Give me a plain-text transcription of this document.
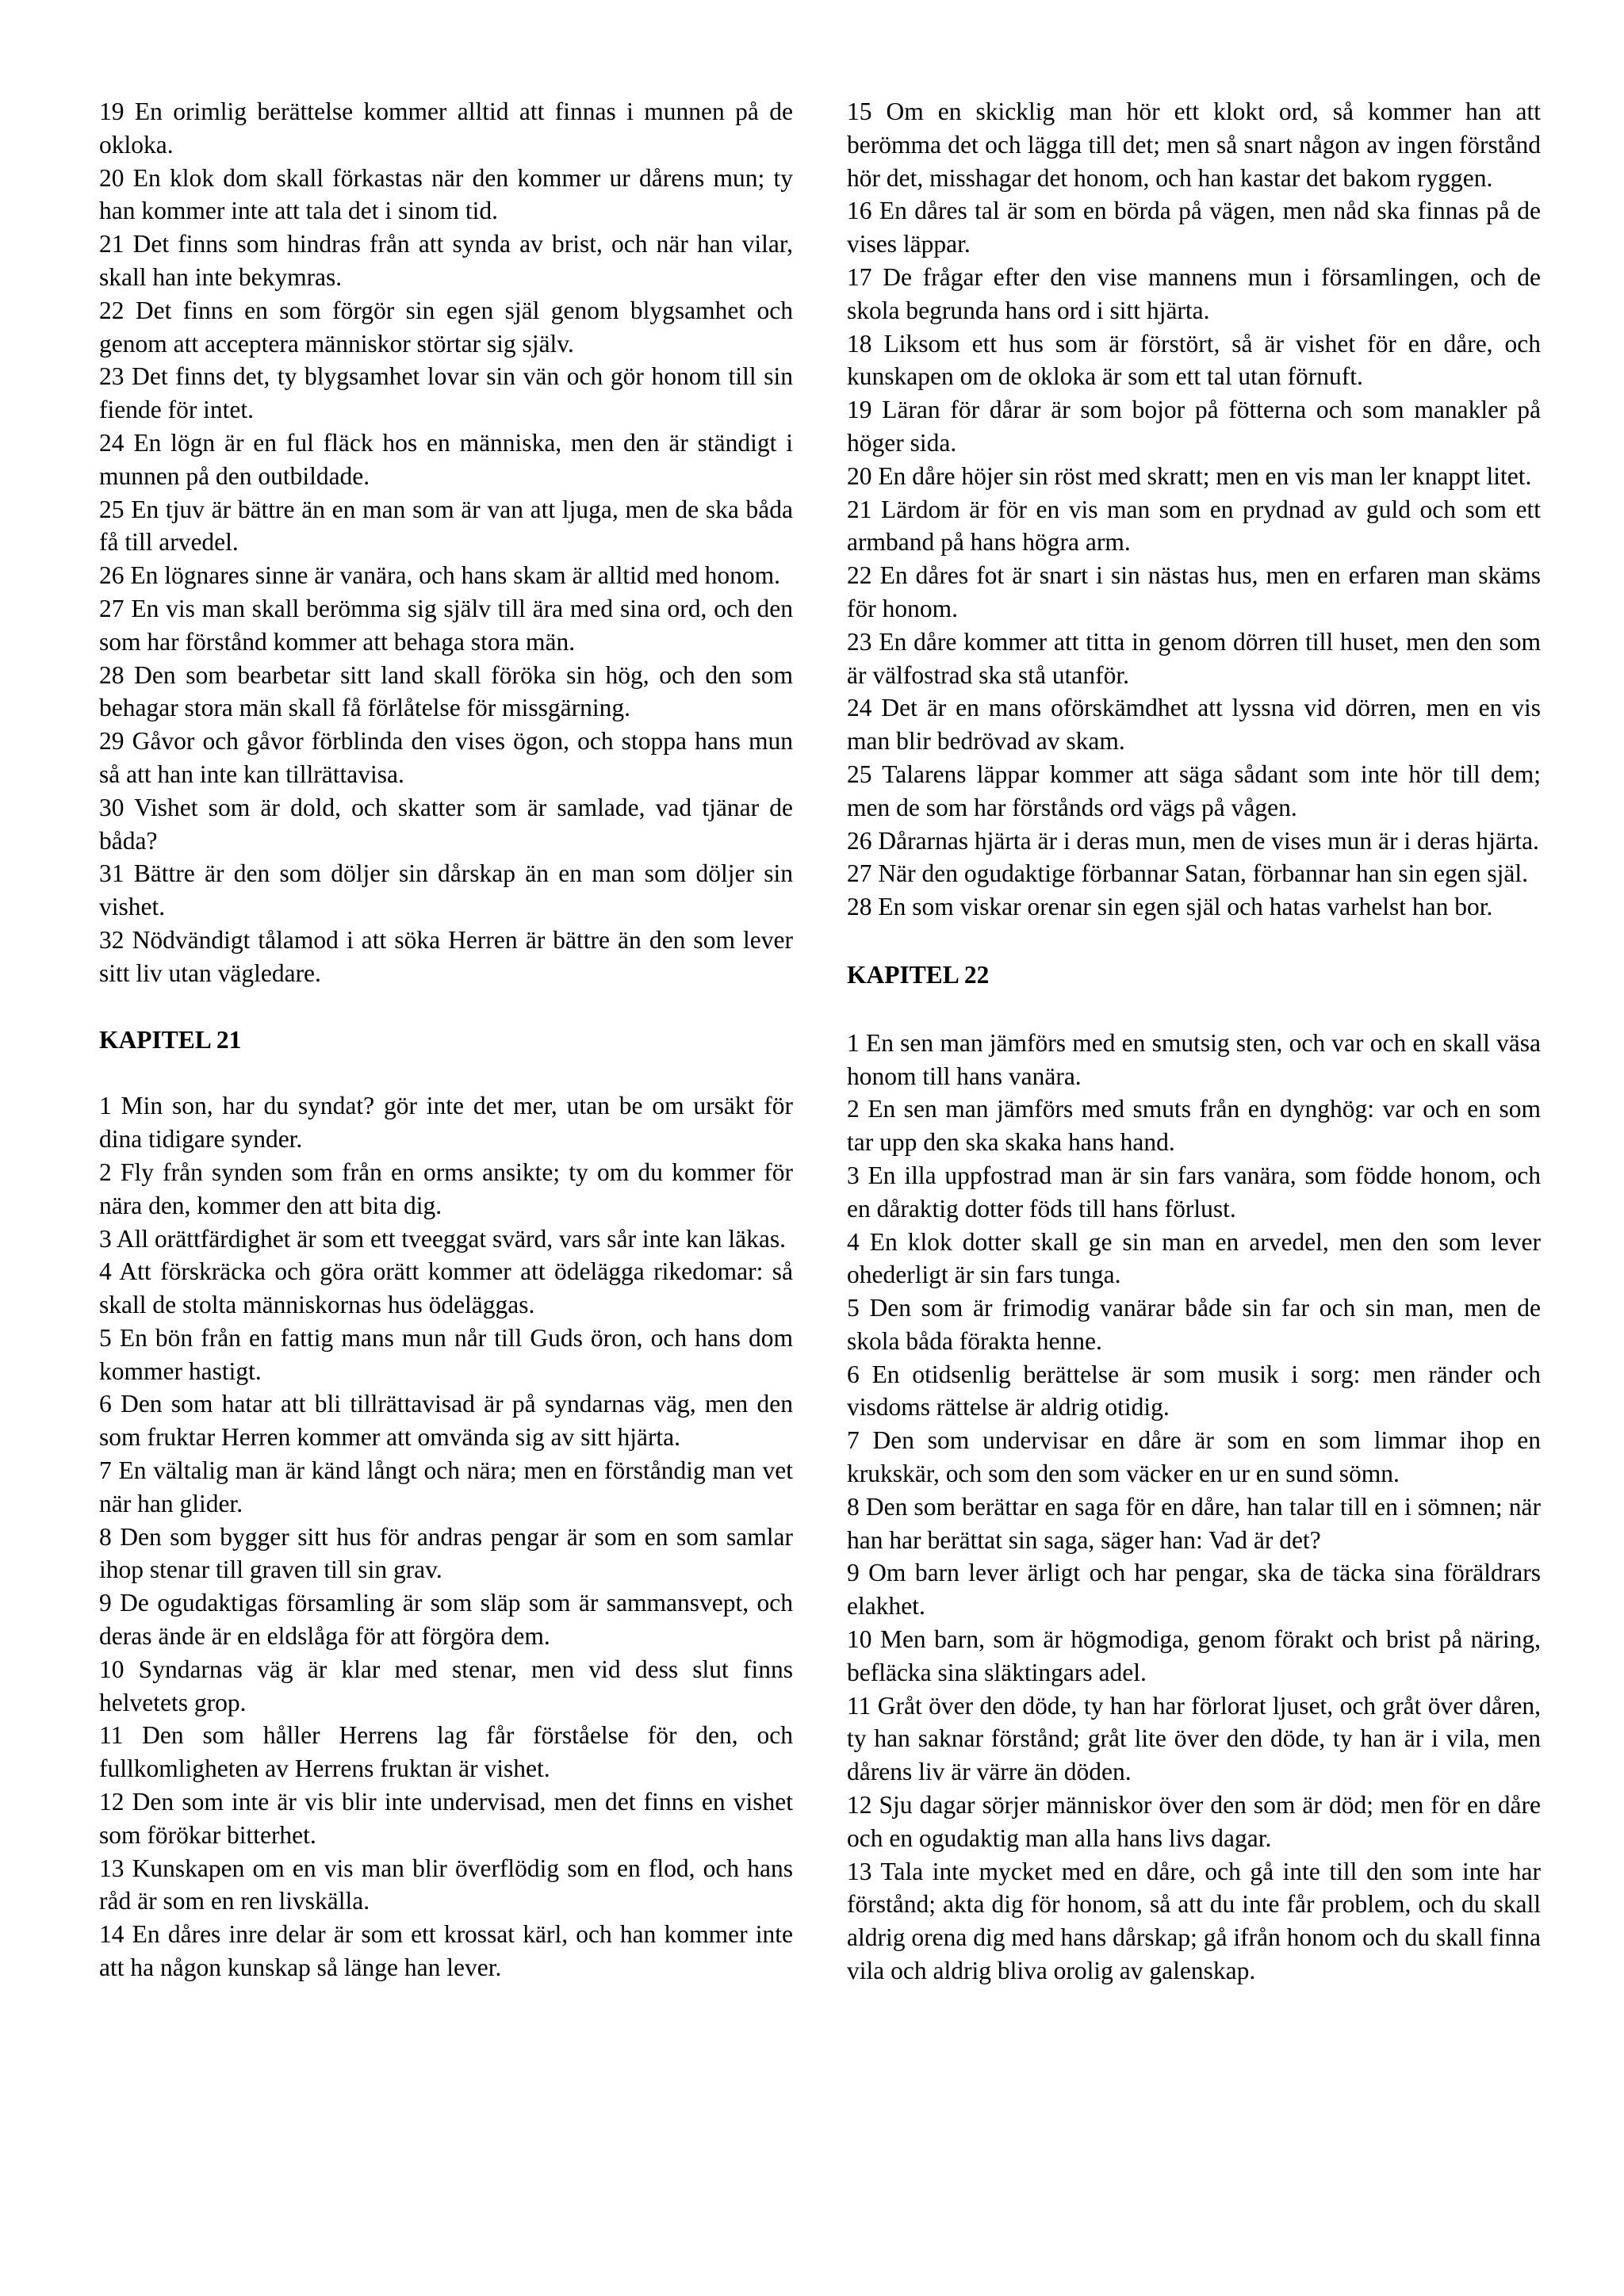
19 En orimlig berättelse kommer alltid att finnas i munnen på de okloka.

20 En klok dom skall förkastas när den kommer ur dårens mun; ty han kommer inte att tala det i sinom tid.

21 Det finns som hindras från att synda av brist, och när han vilar, skall han inte bekymras.

22 Det finns en som förgör sin egen själ genom blygsamhet och genom att acceptera människor störtar sig själv.

23 Det finns det, ty blygsamhet lovar sin vän och gör honom till sin fiende för intet.

24 En lögn är en ful fläck hos en människa, men den är ständigt i munnen på den outbildade.

25 En tjuv är bättre än en man som är van att ljuga, men de ska båda få till arvedel.

26 En lögnares sinne är vanära, och hans skam är alltid med honom.

27 En vis man skall berömma sig själv till ära med sina ord, och den som har förstånd kommer att behaga stora män.

28 Den som bearbetar sitt land skall föröka sin hög, och den som behagar stora män skall få förlåtelse för missgärning.

29 Gåvor och gåvor förblinda den vises ögon, och stoppa hans mun så att han inte kan tillrättavisa.

30 Vishet som är dold, och skatter som är samlade, vad tjänar de båda?

31 Bättre är den som döljer sin dårskap än en man som döljer sin vishet.

32 Nödvändigt tålamod i att söka Herren är bättre än den som lever sitt liv utan vägledare.

KAPITEL 21

1 Min son, har du syndat? gör inte det mer, utan be om ursäkt för dina tidigare synder.

2 Fly från synden som från en orms ansikte; ty om du kommer för nära den, kommer den att bita dig.

3 All orättfärdighet är som ett tveeggat svärd, vars sår inte kan läkas.

4 Att förskräcka och göra orätt kommer att ödelägga rikedomar: så skall de stolta människornas hus ödeläggas.

5 En bön från en fattig mans mun når till Guds öron, och hans dom kommer hastigt.

6 Den som hatar att bli tillrättavisad är på syndarnas väg, men den som fruktar Herren kommer att omvända sig av sitt hjärta.

7 En vältalig man är känd långt och nära; men en förståndig man vet när han glider.

8 Den som bygger sitt hus för andras pengar är som en som samlar ihop stenar till graven till sin grav.

9 De ogudaktigas församling är som släp som är sammansvept, och deras ände är en eldslåga för att förgöra dem.

10 Syndarnas väg är klar med stenar, men vid dess slut finns helvetets grop.

11 Den som håller Herrens lag får förståelse för den, och fullkomligheten av Herrens fruktan är vishet.

12 Den som inte är vis blir inte undervisad, men det finns en vishet som förökar bitterhet.

13 Kunskapen om en vis man blir överflödig som en flod, och hans råd är som en ren livskälla.

14 En dåres inre delar är som ett krossat kärl, och han kommer inte att ha någon kunskap så länge han lever.

15 Om en skicklig man hör ett klokt ord, så kommer han att berömma det och lägga till det; men så snart någon av ingen förstånd hör det, misshagar det honom, och han kastar det bakom ryggen.

16 En dåres tal är som en börda på vägen, men nåd ska finnas på de vises läppar.

17 De frågar efter den vise mannens mun i församlingen, och de skola begrunda hans ord i sitt hjärta.

18 Liksom ett hus som är förstört, så är vishet för en dåre, och kunskapen om de okloka är som ett tal utan förnuft.

19 Läran för dårar är som bojor på fötterna och som manakler på höger sida.

20 En dåre höjer sin röst med skratt; men en vis man ler knappt litet.

21 Lärdom är för en vis man som en prydnad av guld och som ett armband på hans högra arm.

22 En dåres fot är snart i sin nästas hus, men en erfaren man skäms för honom.

23 En dåre kommer att titta in genom dörren till huset, men den som är välfostrad ska stå utanför.

24 Det är en mans oförskämdhet att lyssna vid dörren, men en vis man blir bedrövad av skam.

25 Talarens läppar kommer att säga sådant som inte hör till dem; men de som har förstånds ord vägs på vågen.

26 Dårarnas hjärta är i deras mun, men de vises mun är i deras hjärta.

27 När den ogudaktige förbannar Satan, förbannar han sin egen själ.

28 En som viskar orenar sin egen själ och hatas varhelst han bor.

KAPITEL 22

1 En sen man jämförs med en smutsig sten, och var och en skall väsa honom till hans vanära.

2 En sen man jämförs med smuts från en dynghög: var och en som tar upp den ska skaka hans hand.

3 En illa uppfostrad man är sin fars vanära, som födde honom, och en dåraktig dotter föds till hans förlust.

4 En klok dotter skall ge sin man en arvedel, men den som lever ohederligt är sin fars tunga.

5 Den som är frimodig vanärar både sin far och sin man, men de skola båda förakta henne.

6 En otidsenlig berättelse är som musik i sorg: men ränder och visdoms rättelse är aldrig otidig.

7 Den som undervisar en dåre är som en som limmar ihop en krukskär, och som den som väcker en ur en sund sömn.

8 Den som berättar en saga för en dåre, han talar till en i sömnen; när han har berättat sin saga, säger han: Vad är det?

9 Om barn lever ärligt och har pengar, ska de täcka sina föräldrars elakhet.

10 Men barn, som är högmodiga, genom förakt och brist på näring, befläcka sina släktingars adel.

11 Gråt över den döde, ty han har förlorat ljuset, och gråt över dåren, ty han saknar förstånd; gråt lite över den döde, ty han är i vila, men dårens liv är värre än döden.

12 Sju dagar sörjer människor över den som är död; men för en dåre och en ogudaktig man alla hans livs dagar.

13 Tala inte mycket med en dåre, och gå inte till den som inte har förstånd; akta dig för honom, så att du inte får problem, och du skall aldrig orena dig med hans dårskap; gå ifrån honom och du skall finna vila och aldrig bliva orolig av galenskap.
